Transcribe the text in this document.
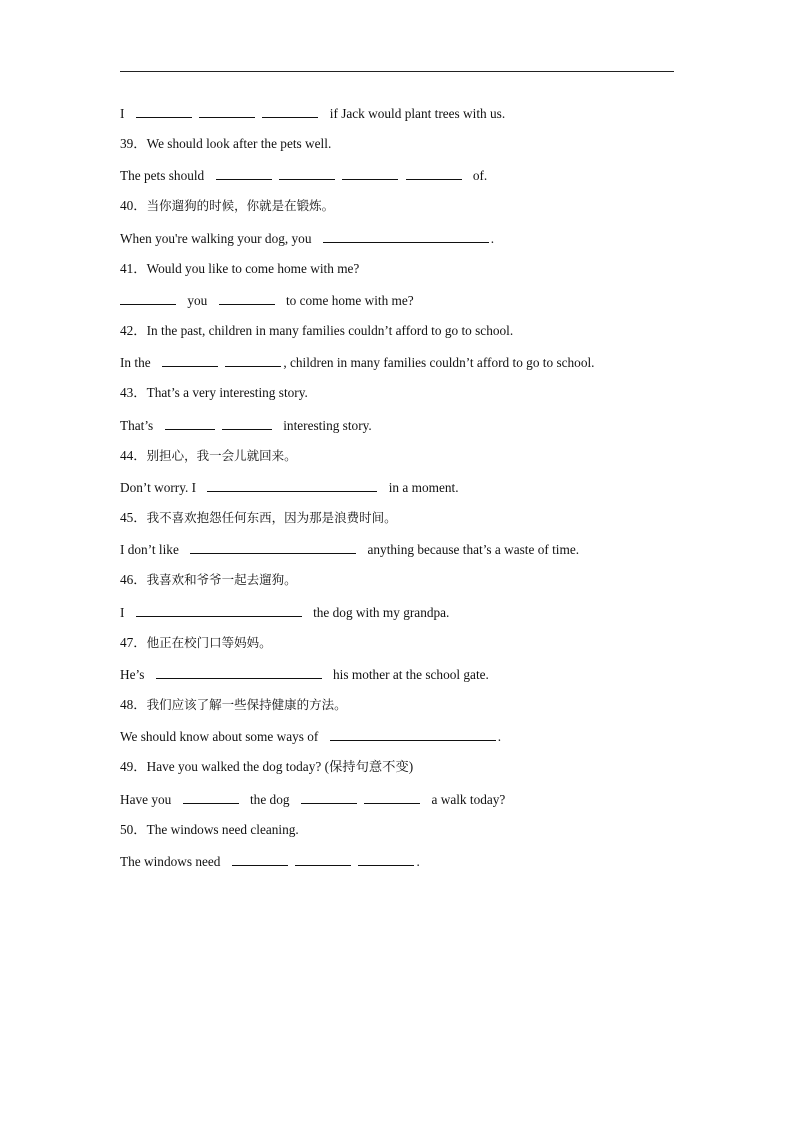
I	if Jack would plant trees with us.
39．We should look after the pets well.
The pets should	of.
40．当你遛狗的时候，你就是在锻炼。
When you're walking your dog, you	.
41．Would you like to come home with me?
you	to come home with me?
42．In the past, children in many families couldn’t afford to go to school.
In the	, children in many families couldn’t afford to go to school.
43．That’s a very interesting story.
That’s	interesting story.
44．别担心，我一会儿就回来。
Don’t worry. I	in a moment.
45．我不喜欢抱怨任何东西，因为那是浪费时间。
I don’t like	anything because that’s a waste of time.
46．我喜欢和爷爷一起去遛狗。
I	the dog with my grandpa.
47．他正在校门口等妈妈。
He’s	his mother at the school gate.
48．我们应该了解一些保持健康的方法。
We should know about some ways of	.
49．Have you walked the dog today? (保持句意不变)
Have you	the dog	a walk today?
50．The windows need cleaning.
The windows need	.
